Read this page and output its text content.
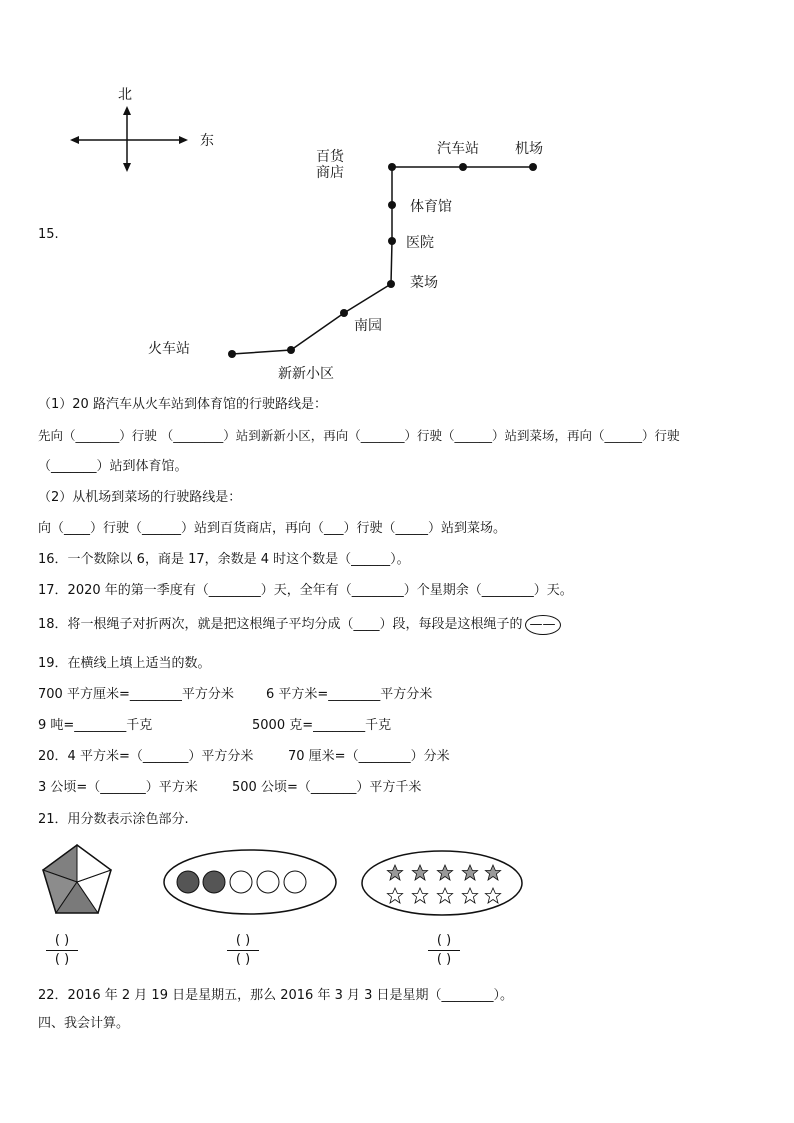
北
东
15.
百货
商店
汽车站	机场
体育馆
医院
菜场
南园
火车站
新新小区
（1）20 路汽车从火车站到体育馆的行驶路线是：
先向（_______）行驶 （________）站到新新小区，再向（_______）行驶（______）站到菜场，再向（______）行驶
（_______）站到体育馆。
（2）从机场到菜场的行驶路线是：
向（____）行驶（______）站到百货商店，再向（___）行驶（_____）站到菜场。
16．一个数除以 6，商是 17，余数是 4 时这个数是（______）。
17．2020 年的第一季度有（________）天，全年有（________）个星期余（________）天。
18．将一根绳子对折两次，就是把这根绳子平均分成（____）段，每段是这根绳子的 ——
19．在横线上填上适当的数。
700 平方厘米=________平方分米 6 平方米=________平方分米
9 吨=________千克	5000 克=________千克
20．4 平方米=（_______）平方分米	70 厘米=（________）分米
3 公顷=（_______）平方米	500 公顷=（_______）平方千米
21．用分数表示涂色部分.
( )
( )
( )
( )
( )
( )
22．2016 年 2 月 19 日是星期五，那么 2016 年 3 月 3 日是星期（________）。
四、我会计算。
